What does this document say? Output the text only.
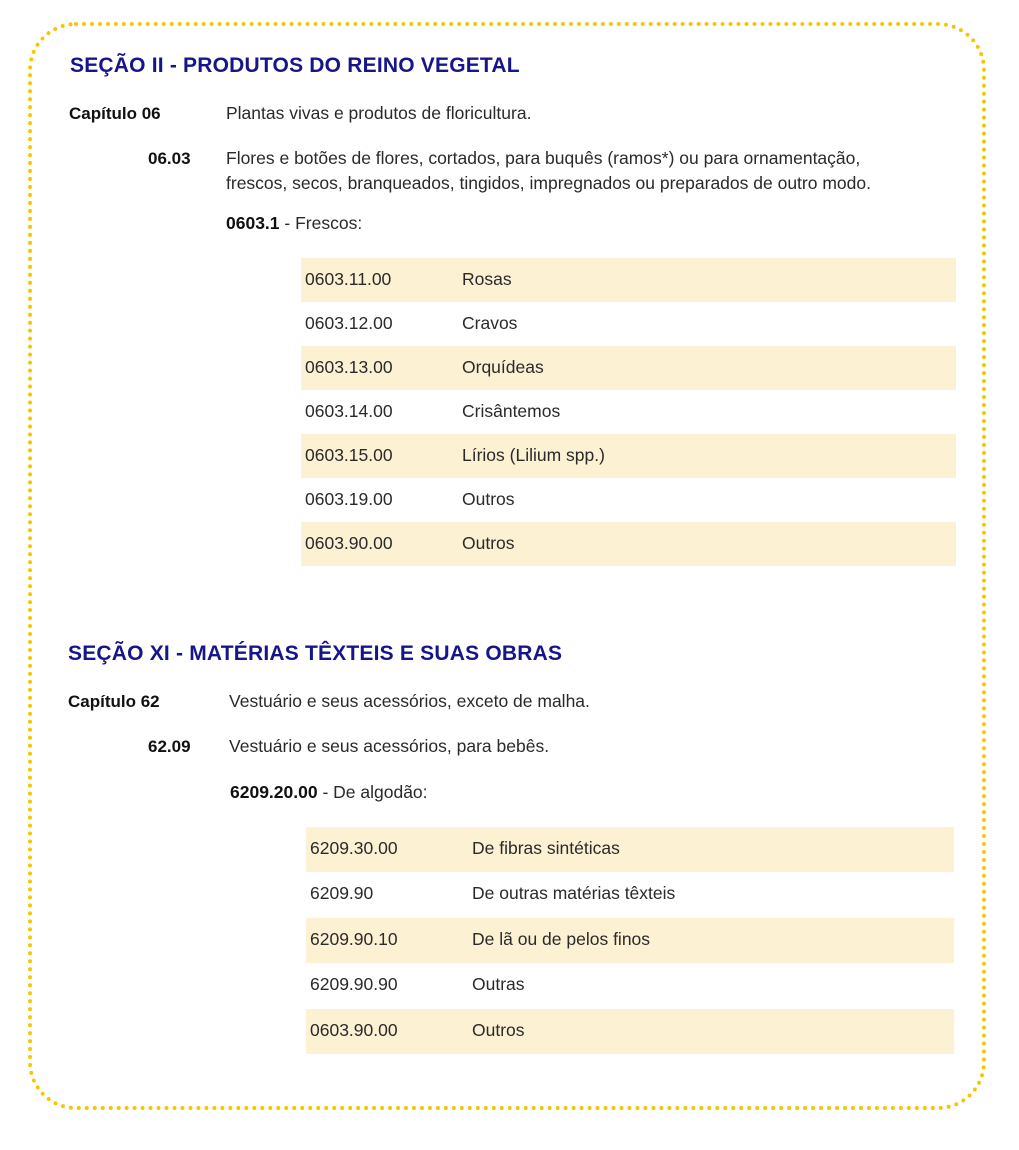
SEÇÃO II - PRODUTOS DO REINO VEGETAL
Capítulo 06	Plantas vivas e produtos de floricultura.
06.03 Flores e botões de flores, cortados, para buquês (ramos*) ou para ornamentação,
frescos, secos, branqueados, tingidos, impregnados ou preparados de outro modo.
0603.1 - Frescos:
0603.11.00	Rosas
0603.12.00	Cravos
0603.13.00	Orquídeas
0603.14.00	Crisântemos
0603.15.00	Lírios (Lilium spp.)
0603.19.00	Outros
0603.90.00	Outros
SEÇÃO XI - MATÉRIAS TÊXTEIS E SUAS OBRAS
Capítulo 62	Vestuário e seus acessórios, exceto de malha.
62.09 Vestuário e seus acessórios, para bebês.
6209.20.00 - De algodão:
6209.30.00	De fibras sintéticas
6209.90	De outras matérias têxteis
6209.90.10	De lã ou de pelos finos
6209.90.90	Outras
0603.90.00	Outros
